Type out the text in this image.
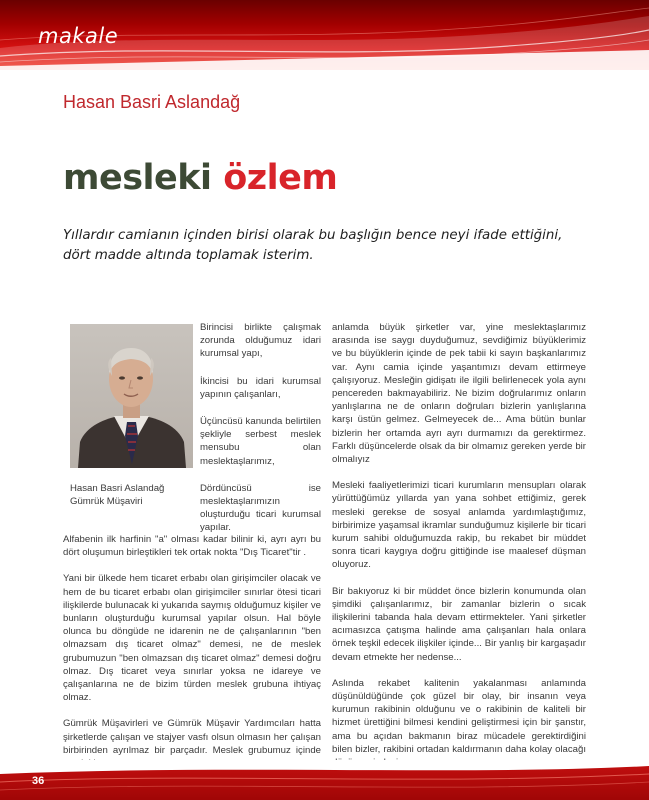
makale
Hasan Basri Aslandağ
mesleki özlem
Yıllardır camianın içinden birisi olarak bu başlığın bence neyi ifade ettiğini, dört madde altında toplamak isterim.
Hasan Basri Aslandağ
Gümrük Müşaviri

Birincisi birlikte çalışmak zorunda olduğumuz idari kurumsal yapı,

İkincisi bu idari kurumsal yapının çalışanları,

Üçüncüsü kanunda belirtilen şekliyle serbest meslek mensubu olan meslektaşlarımız,

Dördüncüsü ise meslektaşlarımızın oluşturduğu ticari kurumsal yapılar.

Alfabenin ilk harfinin "a" olması kadar bilinir ki, ayrı ayrı bu dört oluşumun birleştikleri tek ortak nokta "Dış Ticaret"tir .

Yani bir ülkede hem ticaret erbabı olan girişimciler olacak ve hem de bu ticaret erbabı olan girişimciler sınırlar ötesi ticari ilişkilerde bulunacak ki yukarıda saymış olduğumuz kişiler ve bunların oluşturduğu kurumsal yapılar olsun. Hal böyle olunca bu döngüde ne idarenin ne de çalışanlarının "ben olmazsam dış ticaret olmaz" demesi, ne de meslek grubumuzun "ben olmazsan dış ticaret olmaz" demesi doğru olmaz. Dış ticaret veya sınırlar yoksa ne idareye ve çalışanlarına ne de bizim türden meslek grubuna ihtiyaç olmaz.

Gümrük Müşavirleri ve Gümrük Müşavir Yardımcıları hatta şirketlerde çalışan ve stajyer vasfı olsun olmasın her çalışan birbirinden ayrılmaz bir parçadır. Meslek grubumuz içinde

anlamda büyük şirketler var, yine meslektaşlarımız arasında ise saygı duyduğumuz, sevdiğimiz büyüklerimiz ve bu büyüklerin içinde de pek tabii ki sayın başkanlarımız var. Aynı camia içinde yaşantımızı devam ettirmeye çalışıyoruz. Mesleğin gidişatı ile ilgili belirlenecek yola aynı pencereden bakmayabiliriz. Ne bizim doğrularımız onların yanlışlarına ne de onların doğruları bizlerin yanlışlarına karşı üstün gelmez. Gelmeyecek de... Ama bütün bunlar bizlerin her ortamda ayrı ayrı durmamızı da gerektirmez. Farklı düşüncelerde olsak da bir olmamız gereken yerde bir olmalıyız

Mesleki faaliyetlerimizi ticari kurumların mensupları olarak yürüttüğümüz yıllarda yan yana sohbet ettiğimiz, gerek mesleki gerekse de sosyal anlamda yardımlaştığımız, birbirimize yaşamsal ikramlar sunduğumuz kişilerle bir ticari kurum sahibi olduğumuzda rakip, bu rekabet bir müddet sonra ticari kaygıya doğru gittiğinde ise maalesef düşman oluyoruz.

Bir bakıyoruz ki bir müddet önce bizlerin konumunda olan şimdiki çalışanlarımız, bir zamanlar bizlerin o sıcak ilişkilerini tabanda hala devam ettirmekteler. Yani şirketler acımasızca çatışma halinde ama çalışanları hala onlara örnek teşkil edecek ilişkiler içinde... Bir yanlış bir kargaşadır devam etmekte her nedense...

Aslında rekabet kalitenin yakalanması anlamında düşünüldüğünde çok güzel bir olay, bir insanın veya kurumun rakibinin olduğunu ve o rakibinin de kaliteli bir hizmet ürettiğini bilmesi kendini geliştirmesi için bir şanstır, ama bu açıdan bakmanın biraz mücadele gerektirdiğini bilen bizler, rakibini ortadan kaldırmanın daha kolay olacağı

36
